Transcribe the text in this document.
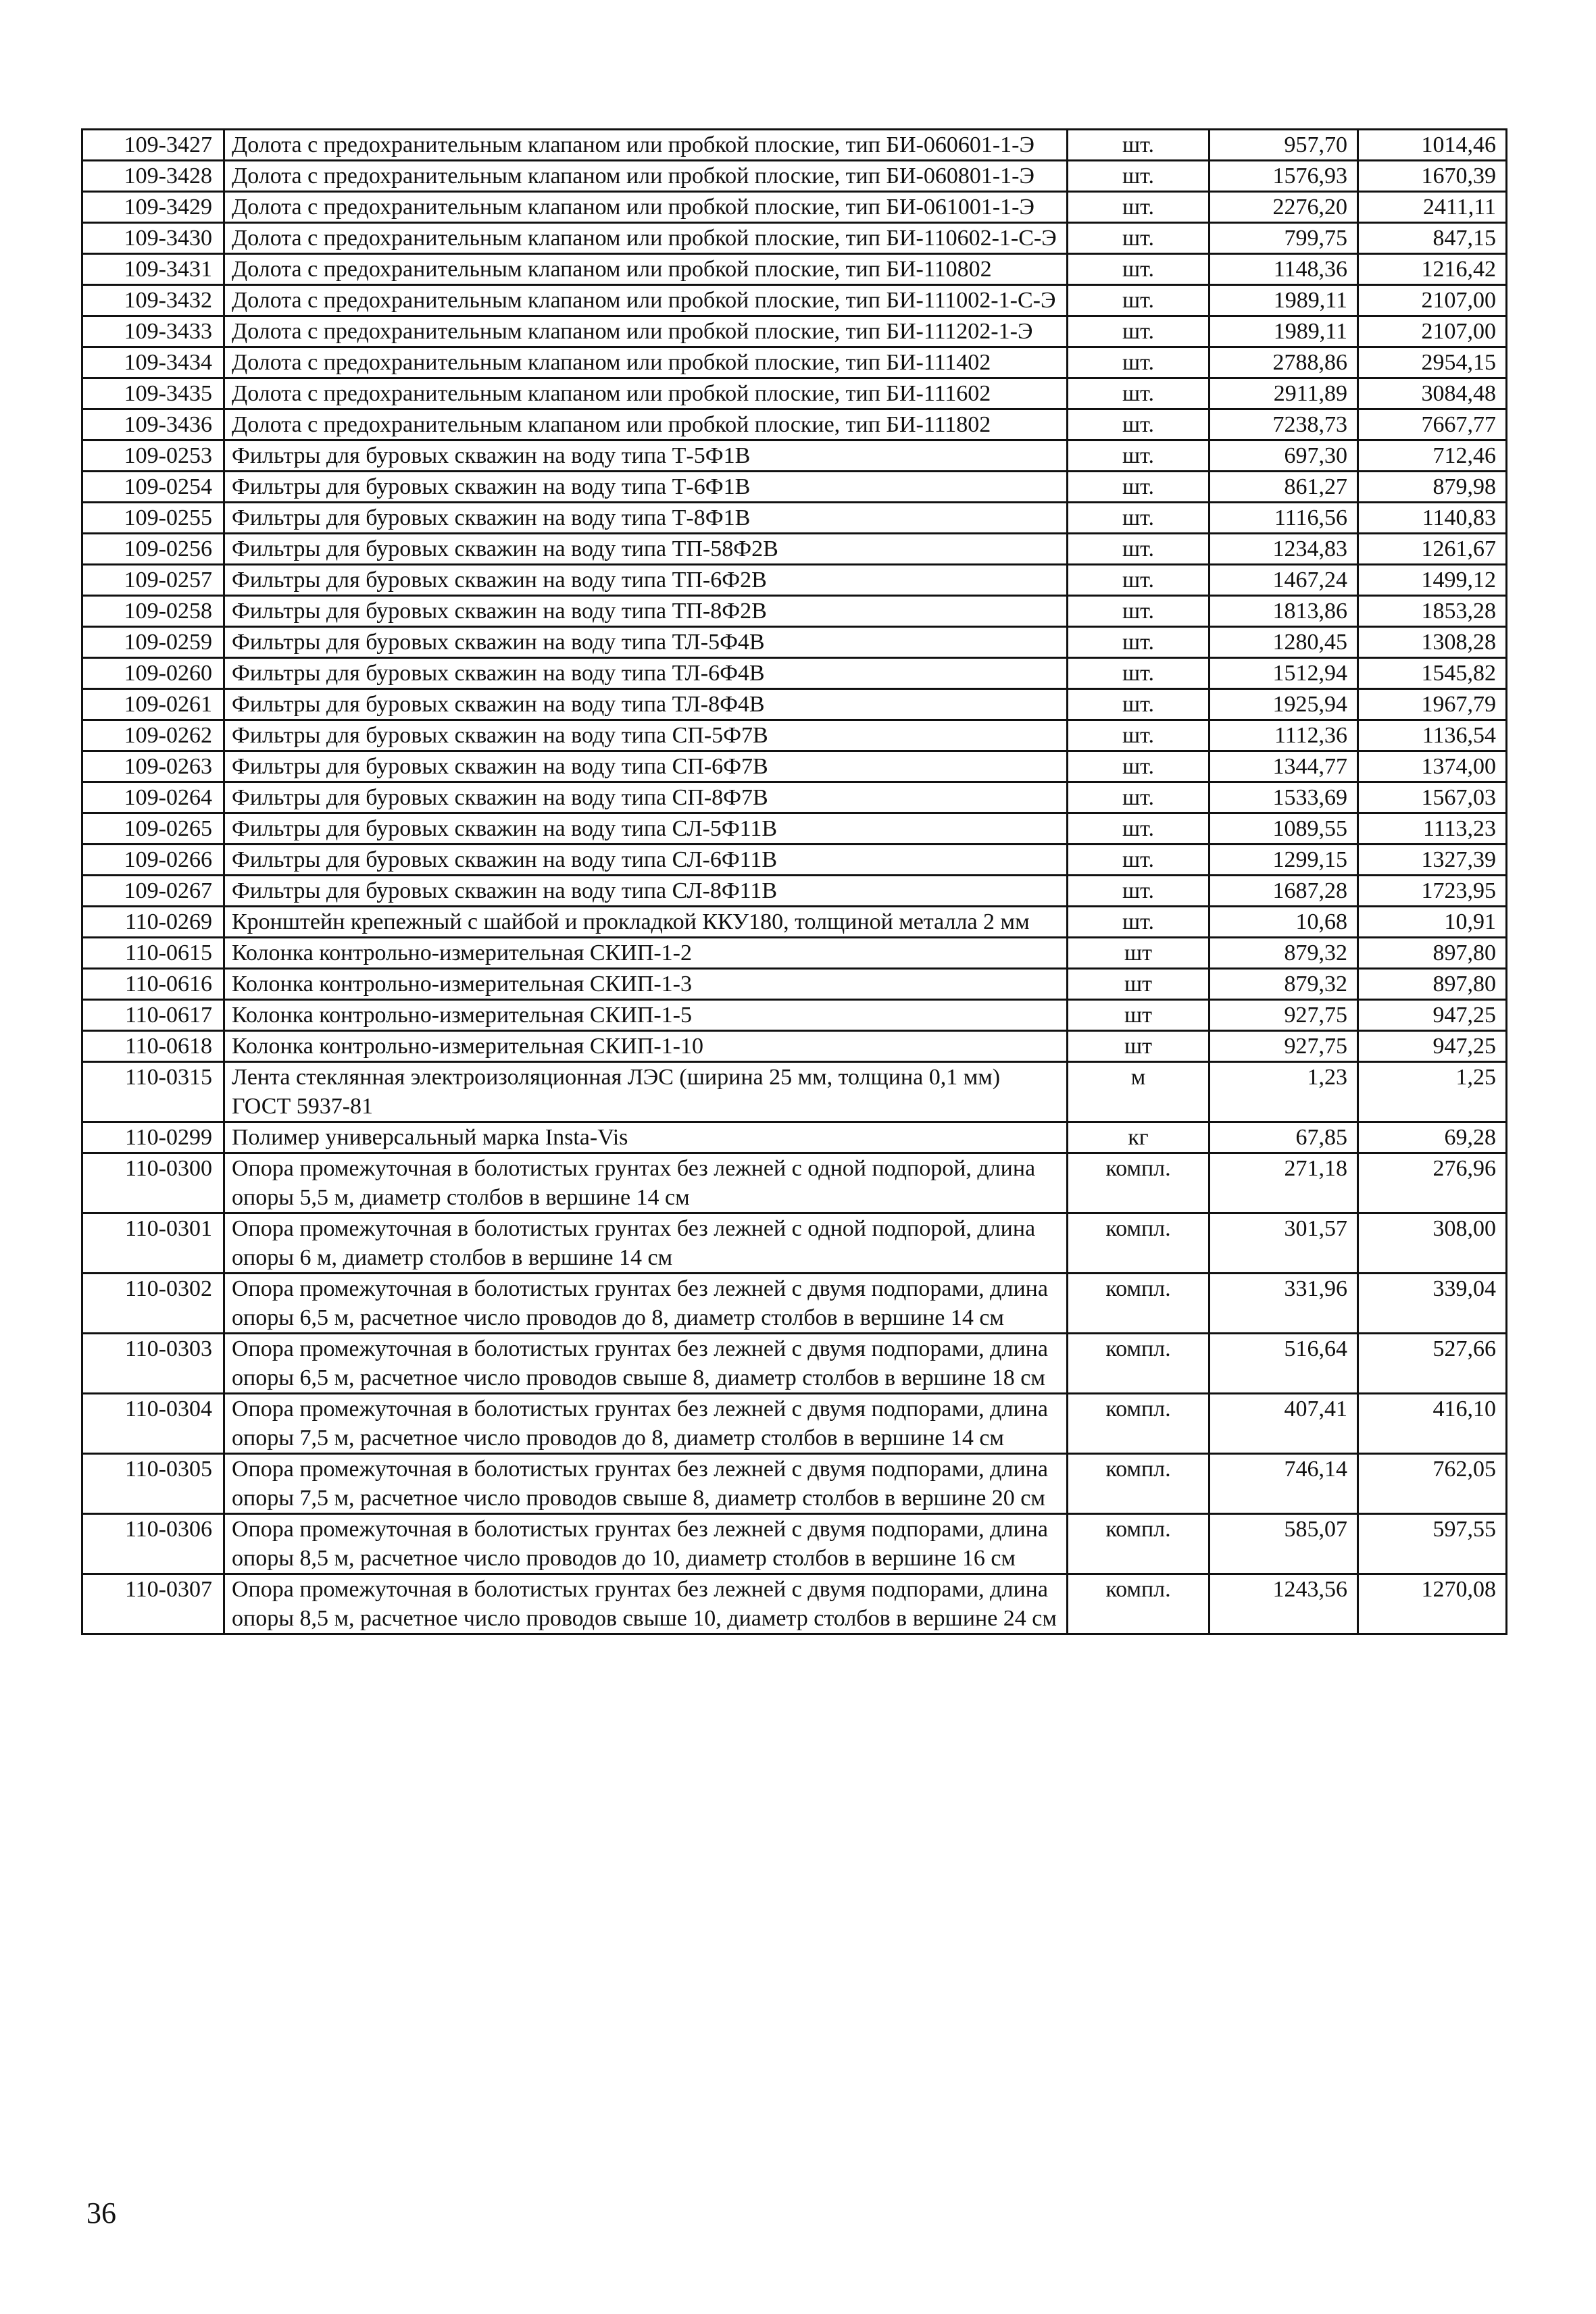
109-3427	Долота с предохранительным клапаном или пробкой плоские, тип БИ-060601-1-Э	шт.	957,70	1014,46
109-3428	Долота с предохранительным клапаном или пробкой плоские, тип БИ-060801-1-Э	шт.	1576,93	1670,39
109-3429	Долота с предохранительным клапаном или пробкой плоские, тип БИ-061001-1-Э	шт.	2276,20	2411,11
109-3430	Долота с предохранительным клапаном или пробкой плоские, тип БИ-110602-1-С-Э	шт.	799,75	847,15
109-3431	Долота с предохранительным клапаном или пробкой плоские, тип БИ-110802	шт.	1148,36	1216,42
109-3432	Долота с предохранительным клапаном или пробкой плоские, тип БИ-111002-1-С-Э	шт.	1989,11	2107,00
109-3433	Долота с предохранительным клапаном или пробкой плоские, тип БИ-111202-1-Э	шт.	1989,11	2107,00
109-3434	Долота с предохранительным клапаном или пробкой плоские, тип БИ-111402	шт.	2788,86	2954,15
109-3435	Долота с предохранительным клапаном или пробкой плоские, тип БИ-111602	шт.	2911,89	3084,48
109-3436	Долота с предохранительным клапаном или пробкой плоские, тип БИ-111802	шт.	7238,73	7667,77
109-0253	Фильтры для буровых скважин на воду типа Т-5Ф1В	шт.	697,30	712,46
109-0254	Фильтры для буровых скважин на воду типа Т-6Ф1В	шт.	861,27	879,98
109-0255	Фильтры для буровых скважин на воду типа Т-8Ф1В	шт.	1116,56	1140,83
109-0256	Фильтры для буровых скважин на воду типа ТП-58Ф2В	шт.	1234,83	1261,67
109-0257	Фильтры для буровых скважин на воду типа ТП-6Ф2В	шт.	1467,24	1499,12
109-0258	Фильтры для буровых скважин на воду типа ТП-8Ф2В	шт.	1813,86	1853,28
109-0259	Фильтры для буровых скважин на воду типа ТЛ-5Ф4В	шт.	1280,45	1308,28
109-0260	Фильтры для буровых скважин на воду типа ТЛ-6Ф4В	шт.	1512,94	1545,82
109-0261	Фильтры для буровых скважин на воду типа ТЛ-8Ф4В	шт.	1925,94	1967,79
109-0262	Фильтры для буровых скважин на воду типа СП-5Ф7В	шт.	1112,36	1136,54
109-0263	Фильтры для буровых скважин на воду типа СП-6Ф7В	шт.	1344,77	1374,00
109-0264	Фильтры для буровых скважин на воду типа СП-8Ф7В	шт.	1533,69	1567,03
109-0265	Фильтры для буровых скважин на воду типа СЛ-5Ф11В	шт.	1089,55	1113,23
109-0266	Фильтры для буровых скважин на воду типа СЛ-6Ф11В	шт.	1299,15	1327,39
109-0267	Фильтры для буровых скважин на воду типа СЛ-8Ф11В	шт.	1687,28	1723,95
110-0269	Кронштейн крепежный с шайбой и прокладкой ККУ180, толщиной металла 2 мм	шт.	10,68	10,91
110-0615	Колонка контрольно-измерительная СКИП-1-2	шт	879,32	897,80
110-0616	Колонка контрольно-измерительная СКИП-1-3	шт	879,32	897,80
110-0617	Колонка контрольно-измерительная СКИП-1-5	шт	927,75	947,25
110-0618	Колонка контрольно-измерительная СКИП-1-10	шт	927,75	947,25
110-0315	Лента стеклянная электроизоляционная ЛЭС (ширина 25 мм, толщина 0,1 мм) ГОСТ 5937-81	м	1,23	1,25
110-0299	Полимер универсальный марка Insta-Vis	кг	67,85	69,28
110-0300	Опора промежуточная в болотистых грунтах без лежней с одной подпорой, длина опоры 5,5 м, диаметр столбов в вершине 14 см	компл.	271,18	276,96
110-0301	Опора промежуточная в болотистых грунтах без лежней с одной подпорой, длина опоры 6 м, диаметр столбов в вершине 14 см	компл.	301,57	308,00
110-0302	Опора промежуточная в болотистых грунтах без лежней с двумя подпорами, длина опоры 6,5 м, расчетное число проводов до 8, диаметр столбов в вершине 14 см	компл.	331,96	339,04
110-0303	Опора промежуточная в болотистых грунтах без лежней с двумя подпорами, длина опоры 6,5 м, расчетное число проводов свыше 8, диаметр столбов в вершине 18 см	компл.	516,64	527,66
110-0304	Опора промежуточная в болотистых грунтах без лежней с двумя подпорами, длина опоры 7,5 м, расчетное число проводов до 8, диаметр столбов в вершине 14 см	компл.	407,41	416,10
110-0305	Опора промежуточная в болотистых грунтах без лежней с двумя подпорами, длина опоры 7,5 м, расчетное число проводов свыше 8, диаметр столбов в вершине 20 см	компл.	746,14	762,05
110-0306	Опора промежуточная в болотистых грунтах без лежней с двумя подпорами, длина опоры 8,5 м, расчетное число проводов до 10, диаметр столбов в вершине 16 см	компл.	585,07	597,55
110-0307	Опора промежуточная в болотистых грунтах без лежней с двумя подпорами, длина опоры 8,5 м, расчетное число проводов свыше 10, диаметр столбов в вершине 24 см	компл.	1243,56	1270,08
36
